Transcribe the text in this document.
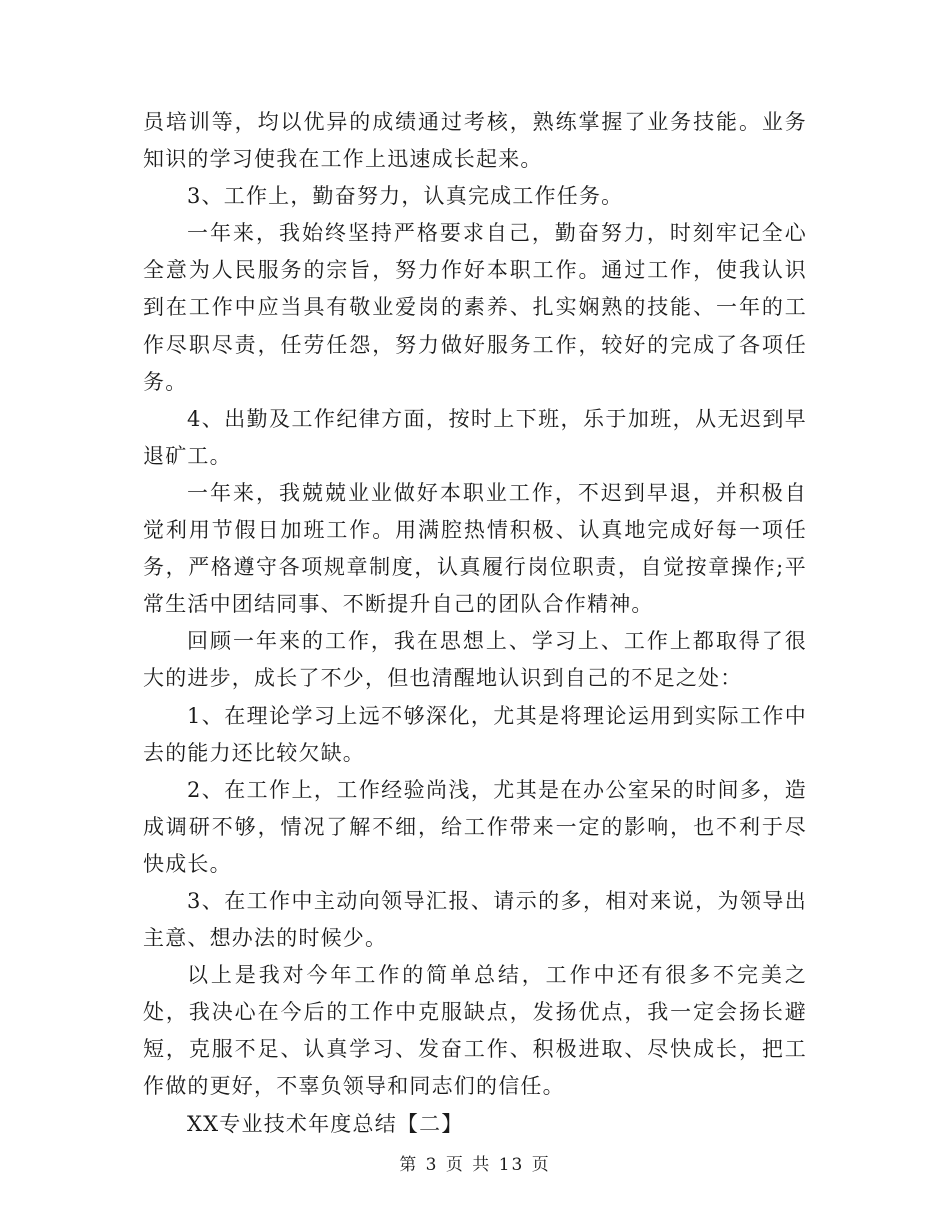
员培训等，均以优异的成绩通过考核，熟练掌握了业务技能。业务知识的学习使我在工作上迅速成长起来。

3、工作上，勤奋努力，认真完成工作任务。

一年来，我始终坚持严格要求自己，勤奋努力，时刻牢记全心全意为人民服务的宗旨，努力作好本职工作。通过工作，使我认识到在工作中应当具有敬业爱岗的素养、扎实娴熟的技能、一年的工作尽职尽责，任劳任怨，努力做好服务工作，较好的完成了各项任务。

4、出勤及工作纪律方面，按时上下班，乐于加班，从无迟到早退矿工。

一年来，我兢兢业业做好本职业工作，不迟到早退，并积极自觉利用节假日加班工作。用满腔热情积极、认真地完成好每一项任务，严格遵守各项规章制度，认真履行岗位职责，自觉按章操作;平常生活中团结同事、不断提升自己的团队合作精神。

回顾一年来的工作，我在思想上、学习上、工作上都取得了很大的进步，成长了不少，但也清醒地认识到自己的不足之处：

1、在理论学习上远不够深化，尤其是将理论运用到实际工作中去的能力还比较欠缺。

2、在工作上，工作经验尚浅，尤其是在办公室呆的时间多，造成调研不够，情况了解不细，给工作带来一定的影响，也不利于尽快成长。

3、在工作中主动向领导汇报、请示的多，相对来说，为领导出主意、想办法的时候少。

以上是我对今年工作的简单总结，工作中还有很多不完美之处，我决心在今后的工作中克服缺点，发扬优点，我一定会扬长避短，克服不足、认真学习、发奋工作、积极进取、尽快成长，把工作做的更好，不辜负领导和同志们的信任。

XX专业技术年度总结【二】
第 3 页 共 13 页
